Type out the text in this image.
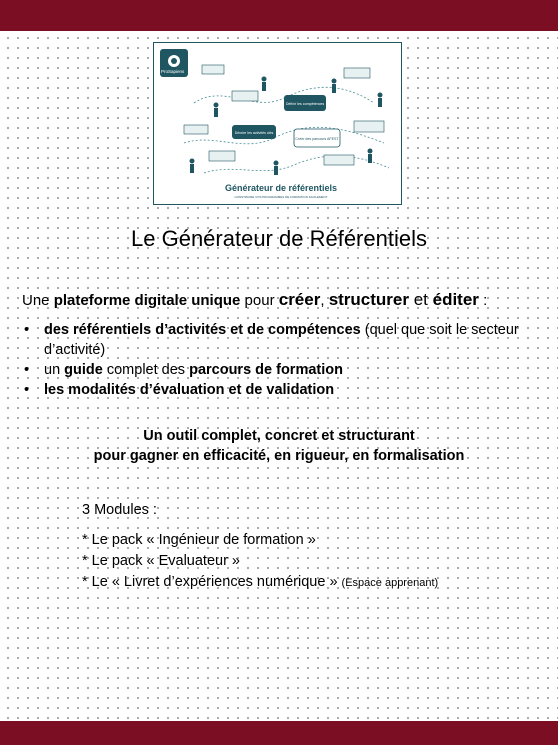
ProSapiens
Définir les compétences
Créer des parcours AFEST
Décrire les activités clés
Générateur de référentiels
CONSTRUIRE VOS PROGRAMMES DE FORMATION FACILEMENT
Le Générateur de Référentiels
Une plateforme digitale unique pour créer, structurer et éditer :
• des référentiels d’activités et de compétences (quel que soit le secteur d’activité)
• un guide complet des parcours de formation
• les modalités d’évaluation et de validation
Un outil complet, concret et structurant
pour gagner en efficacité, en rigueur, en formalisation
3 Modules :
* Le pack « Ingénieur de formation »
* Le pack « Evaluateur »
* Le « Livret d’expériences numérique » (Espace apprenant)
